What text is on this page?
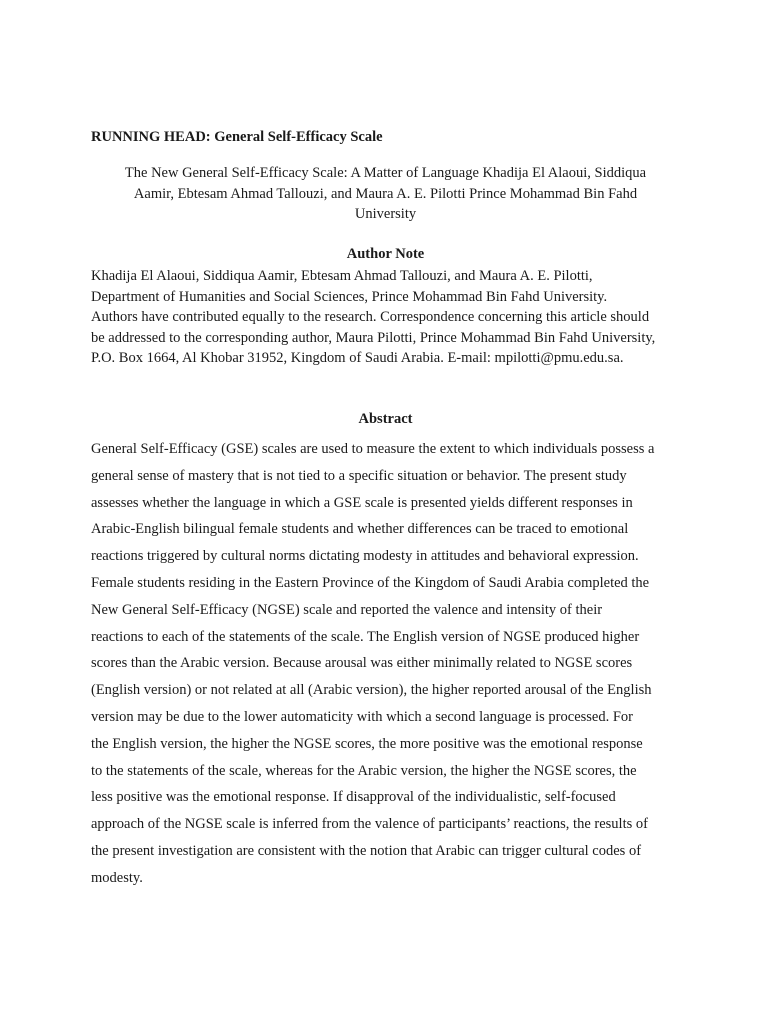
RUNNING HEAD: General Self-Efficacy Scale
The New General Self-Efficacy Scale: A Matter of Language Khadija El Alaoui, Siddiqua
Aamir, Ebtesam Ahmad Tallouzi, and Maura A. E. Pilotti Prince Mohammad Bin Fahd
University
Author Note

Khadija El Alaoui, Siddiqua Aamir, Ebtesam Ahmad Tallouzi, and Maura A. E. Pilotti,

Department of Humanities and Social Sciences, Prince Mohammad Bin Fahd University.

Authors have contributed equally to the research. Correspondence concerning this article should

be addressed to the corresponding author, Maura Pilotti, Prince Mohammad Bin Fahd University,

P.O. Box 1664, Al Khobar 31952, Kingdom of Saudi Arabia. E-mail: mpilotti@pmu.edu.sa.

Abstract
General Self-Efficacy (GSE) scales are used to measure the extent to which individuals possess a
general sense of mastery that is not tied to a specific situation or behavior. The present study
assesses whether the language in which a GSE scale is presented yields different responses in
Arabic-English bilingual female students and whether differences can be traced to emotional
reactions triggered by cultural norms dictating modesty in attitudes and behavioral expression.
Female students residing in the Eastern Province of the Kingdom of Saudi Arabia completed the
New General Self-Efficacy (NGSE) scale and reported the valence and intensity of their
reactions to each of the statements of the scale. The English version of NGSE produced higher
scores than the Arabic version. Because arousal was either minimally related to NGSE scores
(English version) or not related at all (Arabic version), the higher reported arousal of the English
version may be due to the lower automaticity with which a second language is processed. For
the English version, the higher the NGSE scores, the more positive was the emotional response
to the statements of the scale, whereas for the Arabic version, the higher the NGSE scores, the
less positive was the emotional response. If disapproval of the individualistic, self-focused
approach of the NGSE scale is inferred from the valence of participants’ reactions, the results of
the present investigation are consistent with the notion that Arabic can trigger cultural codes of
modesty.
